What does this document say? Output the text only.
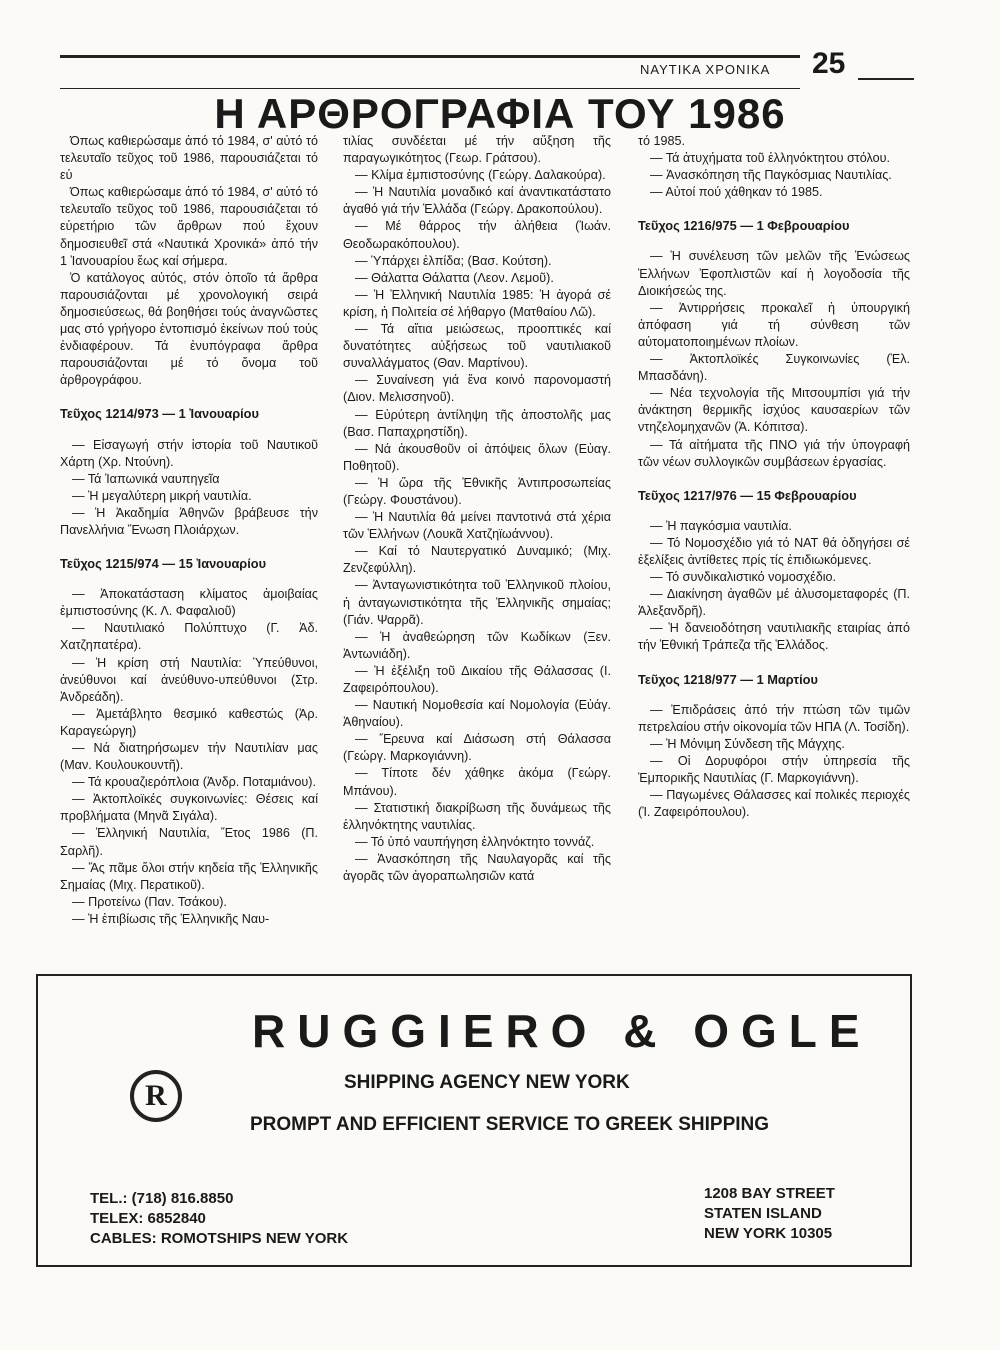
ΝΑΥΤΙΚΑ ΧΡΟΝΙΚΑ 25
Η ΑΡΘΡΟΓΡΑΦΙΑ ΤΟΥ 1986

Όπως καθιερώσαμε ἀπό τό 1984, σ' αὐτό τό τελευταῖο τεῦχος τοῦ 1986, παρουσιάζεται τό εὑ

Όπως καθιερώσαμε ἀπό τό 1984, σ' αὐτό τό τελευταῖο τεῦχος τοῦ 1986, παρουσιάζεται τό εὑρετήριο τῶν ἄρθρων πού ἔχουν δημοσιευθεῖ στά «Ναυτικά Χρονικά» ἀπό τήν 1 Ἰανουαρίου ἕως καί σήμερα.

Ὁ κατάλογος αὐτός, στόν ὁποῖο τά ἄρθρα παρουσιάζονται μέ χρονολογική σειρά δημοσιεύσεως, θά βοηθήσει τούς ἀναγνῶστες μας στό γρήγορο ἐντοπισμό ἐκείνων πού τούς ἐνδιαφέρουν. Τά ἐνυπόγραφα ἄρθρα παρουσιάζονται μέ τό ὄνομα τοῦ ἀρθρογράφου.

Τεῦχος 1214/973 — 1 Ἰανουαρίου

— Εἰσαγωγή στήν ἱστορία τοῦ Ναυτικοῦ Χάρτη (Χρ. Ντούνη).

— Τά Ἰαπωνικά ναυπηγεῖα

— Ἡ μεγαλύτερη μικρή ναυτιλία.

— Ἡ Ἀκαδημία Ἀθηνῶν βράβευσε τήν Πανελλήνια Ἕνωση Πλοιάρχων.

Τεῦχος 1215/974 — 15 Ἰανουαρίου

— Ἀποκατάσταση κλίματος ἀμοιβαίας ἐμπιστοσύνης (Κ. Λ. Φαφαλιοῦ)

— Ναυτιλιακό Πολύπτυχο (Γ. Ἀδ. Χατζηπατέρα).

— Ἡ κρίση στή Ναυτιλία: Ὑπεύθυνοι, ἀνεύθυνοι καί ἀνεύθυνο-υπεύθυνοι (Στρ. Ἀνδρεάδη).

— Ἀμετάβλητο θεσμικό καθεστώς (Ἀρ. Καραγεώργη)

— Νά διατηρήσωμεν τήν Ναυτιλίαν μας (Μαν. Κουλουκουντῆ).

— Τά κρουαζιερόπλοια (Ἀνδρ. Ποταμιάνου).

— Ἀκτοπλοϊκές συγκοινωνίες: Θέσεις καί προβλήματα (Μηνᾶ Σιγάλα).

— Ἐλληνική Ναυτιλία, Ἔτος 1986 (Π. Σαρλῆ).

— Ἄς πᾶμε ὅλοι στήν κηδεία τῆς Ἑλληνικῆς Σημαίας (Μιχ. Περατικοῦ).

— Προτείνω (Παν. Τσάκου).

— Ἡ ἐπιβίωσις τῆς Ἑλληνικῆς Ναυ-

τιλίας συνδέεται μέ τήν αὔξηση τῆς παραγωγικότητος (Γεωρ. Γράτσου).

— Κλίμα ἐμπιστοσύνης (Γεώργ. Δαλακούρα).

— Ἡ Ναυτιλία μοναδικό καί ἀναντικατάστατο ἀγαθό γιά τήν Ἑλλάδα (Γεώργ. Δρακοπούλου).

— Μέ θάρρος τήν ἀλήθεια (Ἰωάν. Θεοδωρακόπουλου).

— Ὑπάρχει ἐλπίδα; (Βασ. Κούτση).

— Θάλαττα Θάλαττα (Λεον. Λεμοῦ).

— Ἡ Ἑλληνική Ναυτιλία 1985: Ἡ ἀγορά σέ κρίση, ἡ Πολιτεία σέ λήθαργο (Ματθαίου Λῶ).

— Τά αἴτια μειώσεως, προοπτικές καί δυνατότητες αὐξήσεως τοῦ ναυτιλιακοῦ συναλλάγματος (Θαν. Μαρτίνου).

— Συναίνεση γιά ἕνα κοινό παρονομαστή (Διον. Μελισσηνοῦ).

— Εὐρύτερη ἀντίληψη τῆς ἀποστολῆς μας (Βασ. Παπαχρηστίδη).

— Νά ἀκουσθοῦν οἱ ἀπόψεις ὅλων (Εὐαγ. Ποθητοῦ).

— Ἡ ὥρα τῆς Ἐθνικῆς Ἀντιπροσωπείας (Γεώργ. Φουστάνου).

— Ἡ Ναυτιλία θά μείνει παντοτινά στά χέρια τῶν Ἑλλήνων (Λουκᾶ Χατζηϊωάννου).

— Καί τό Ναυτεργατικό Δυναμικό; (Μιχ. Ζενζεφύλλη).

— Ἀνταγωνιστικότητα τοῦ Ἑλληνικοῦ πλοίου, ἡ ἀνταγωνιστικότητα τῆς Ἑλληνικῆς σημαίας; (Γιάν. Ψαρρᾶ).

— Ἡ ἀναθεώρηση τῶν Κωδίκων (Ξεν. Ἀντωνιάδη).

— Ἡ ἐξέλιξη τοῦ Δικαίου τῆς Θάλασσας (Ι. Ζαφειρόπουλου).

— Ναυτική Νομοθεσία καί Νομολογία (Εὐάγ. Ἀθηναίου).

— Ἔρευνα καί Διάσωση στή Θάλασσα (Γεώργ. Μαρκογιάννη).

— Τίποτε δέν χάθηκε ἀκόμα (Γεώργ. Μπάνου).

— Στατιστική διακρίβωση τῆς δυνάμεως τῆς ἑλληνόκτητης ναυτιλίας.

— Τό ὑπό ναυπήγηση ἑλληνόκτητο τοννάζ.

— Ἀνασκόπηση τῆς Ναυλαγορᾶς καί τῆς ἀγορᾶς τῶν ἀγοραπωλησιῶν κατά

τό 1985.

— Τά ἀτυχήματα τοῦ ἑλληνόκτητου στόλου.

— Ἀνασκόπηση τῆς Παγκόσμιας Ναυτιλίας.

— Αὐτοί πού χάθηκαν τό 1985.

Τεῦχος 1216/975 — 1 Φεβρουαρίου

— Ἡ συνέλευση τῶν μελῶν τῆς Ἑνώσεως Ἑλλήνων Ἐφοπλιστῶν καί ἡ λογοδοσία τῆς Διοικήσεώς της.

— Ἀντιρρήσεις προκαλεῖ ἡ ὑπουργική ἀπόφαση γιά τή σύνθεση τῶν αὐτοματοποιημένων πλοίων.

— Ἀκτοπλοϊκές Συγκοινωνίες (Ἑλ. Μπασδάνη).

— Νέα τεχνολογία τῆς Μιτσουμπίσι γιά τήν ἀνάκτηση θερμικῆς ἰσχύος καυσαερίων τῶν ντηζελομηχανῶν (Ἀ. Κόπιτσα).

— Τά αἰτήματα τῆς ΠΝΟ γιά τήν ὑπογραφή τῶν νέων συλλογικῶν συμβάσεων ἐργασίας.

Τεῦχος 1217/976 — 15 Φεβρουαρίου

— Ἡ παγκόσμια ναυτιλία.

— Τό Νομοσχέδιο γιά τό ΝΑΤ θά ὁδηγήσει σέ ἐξελίξεις ἀντίθετες πρίς τίς ἐπιδιωκόμενες.

— Τό συνδικαλιστικό νομοσχέδιο.

— Διακίνηση ἀγαθῶν μέ ἀλυσομεταφορές (Π. Ἀλεξανδρῆ).

— Ἡ δανειοδότηση ναυτιλιακῆς εταιρίας ἀπό τήν Ἐθνική Τράπεζα τῆς Ἑλλάδος.

Τεῦχος 1218/977 — 1 Μαρτίου

— Ἐπιδράσεις ἀπό τήν πτώση τῶν τιμῶν πετρελαίου στήν οἰκονομία τῶν ΗΠΑ (Λ. Τοσίδη).

— Ἡ Μόνιμη Σύνδεση τῆς Μάγχης.

— Οἱ Δορυφόροι στήν ὑπηρεσία τῆς Ἐμπορικῆς Ναυτιλίας (Γ. Μαρκογιάννη).

— Παγωμένες Θάλασσες καί πολικές περιοχές (Ἰ. Ζαφειρόπουλου).

RUGGIERO & OGLE
R	SHIPPING AGENCY NEW YORK
PROMPT AND EFFICIENT SERVICE TO GREEK SHIPPING
TEL.: (718) 816.8850
TELEX: 6852840
CABLES: ROMOTSHIPS NEW YORK
1208 BAY STREET
STATEN ISLAND
NEW YORK 10305
